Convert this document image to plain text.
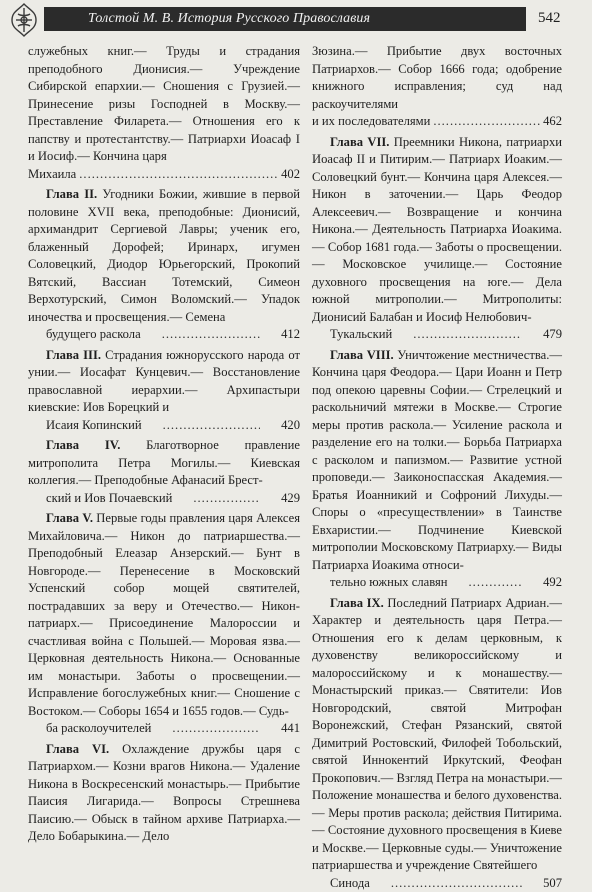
Толстой М. В. История Русского Православия	542
служебных книг.— Труды и страдания преподобного Дионисия.— Учреждение Сибирской епархии.— Сношения с Грузией.— Принесение ризы Господней в Москву.— Преставление Филарета.— Отношения его к папству и протестантству.— Патриархи Иоасаф I и Иосиф.— Кончина царя
Михаила .....	402
Глава II. Угодники Божии, жившие в первой половине XVII века, преподобные: Дионисий, архимандрит Сергиевой Лавры; ученик его, блаженный Дорофей; Иринарх, игумен Соловецкий, Диодор Юрьегорский, Прокопий Вятский, Вассиан Тотемский, Симеон Верхотурский, Симон Воломский.— Упадок иночества и просвещения.— Семена
будущего раскола .....	412
Глава III. Страдания южнорусского народа от унии.— Иосафат Кунцевич.— Восстановление православной иерархии.— Архипастыри киевские: Иов Борецкий и
Исаия Копинский .....	420
Глава IV. Благотворное правление митрополита Петра Могилы.— Киевская коллегия.— Преподобные Афанасий Брест-
ский и Иов Почаевский .....	429
Глава V. Первые годы правления царя Алексея Михайловича.— Никон до патриаршества.— Преподобный Елеазар Анзерский.— Бунт в Новгороде.— Перенесение в Московский Успенский собор мощей святителей, пострадавших за веру и Отечество.— Никон-патриарх.— Присоединение Малороссии и счастливая война с Польшей.— Моровая язва.— Церковная деятельность Никона.— Основанные им монастыри. Заботы о просвещении.— Исправление богослужебных книг.— Сношение с Востоком.— Соборы 1654 и 1655 годов.— Судь-
ба расколоучителей .....	441
Глава VI. Охлаждение дружбы царя с Патриархом.— Козни врагов Никона.— Удаление Никона в Воскресенский монастырь.— Прибытие Паисия Лигарида.— Вопросы Стрешнева Паисию.— Обыск в тайном архиве Патриарха.— Дело Бобарыкина.— Дело
Зюзина.— Прибытие двух восточных Патриархов.— Собор 1666 года; одобрение книжного исправления; суд над раскоучителями
и их последователями .....	462
Глава VII. Преемники Никона, патриархи Иоасаф II и Питирим.— Патриарх Иоаким.— Соловецкий бунт.— Кончина царя Алексея.— Никон в заточении.— Царь Феодор Алексеевич.— Возвращение и кончина Никона.— Деятельность Патриарха Иоакима.— Собор 1681 года.— Заботы о просвещении.— Московское училище.— Состояние духовного просвещения на юге.— Дела южной митрополии.— Митрополиты: Дионисий Балабан и Иосиф Нелюбович-
Тукальский .....	479
Глава VIII. Уничтожение местничества.— Кончина царя Феодора.— Цари Иоанн и Петр под опекою царевны Софии.— Стрелецкий и раскольничий мятежи в Москве.— Строгие меры против раскола.— Усиление раскола и разделение его на толки.— Борьба Патриарха с расколом и папизмом.— Развитие устной проповеди.— Заиконоспасская Академия.— Братья Иоанникий и Софроний Лихуды.— Споры о «пресуществлении» в Таинстве Евхаристии.— Подчинение Киевской митрополии Московскому Патриарху.— Виды Патриарха Иоакима относи-
тельно южных славян .....	492
Глава IX. Последний Патриарх Адриан.— Характер и деятельность царя Петра.— Отношения его к делам церковным, к духовенству великороссийскому и малороссийскому и к монашеству.— Монастырский приказ.— Святители: Иов Новгородский, святой Митрофан Воронежский, Стефан Рязанский, святой Димитрий Ростовский, Филофей Тобольский, святой Иннокентий Иркутский, Феофан Прокопович.— Взгляд Петра на монастыри.— Положение монашества и белого духовенства.— Меры против раскола; действия Питирима.— Состояние духовного просвещения в Киеве и Москве.— Церковные суды.— Уничтожение патриаршества и учреждение Святейшего
Синода .....	507
